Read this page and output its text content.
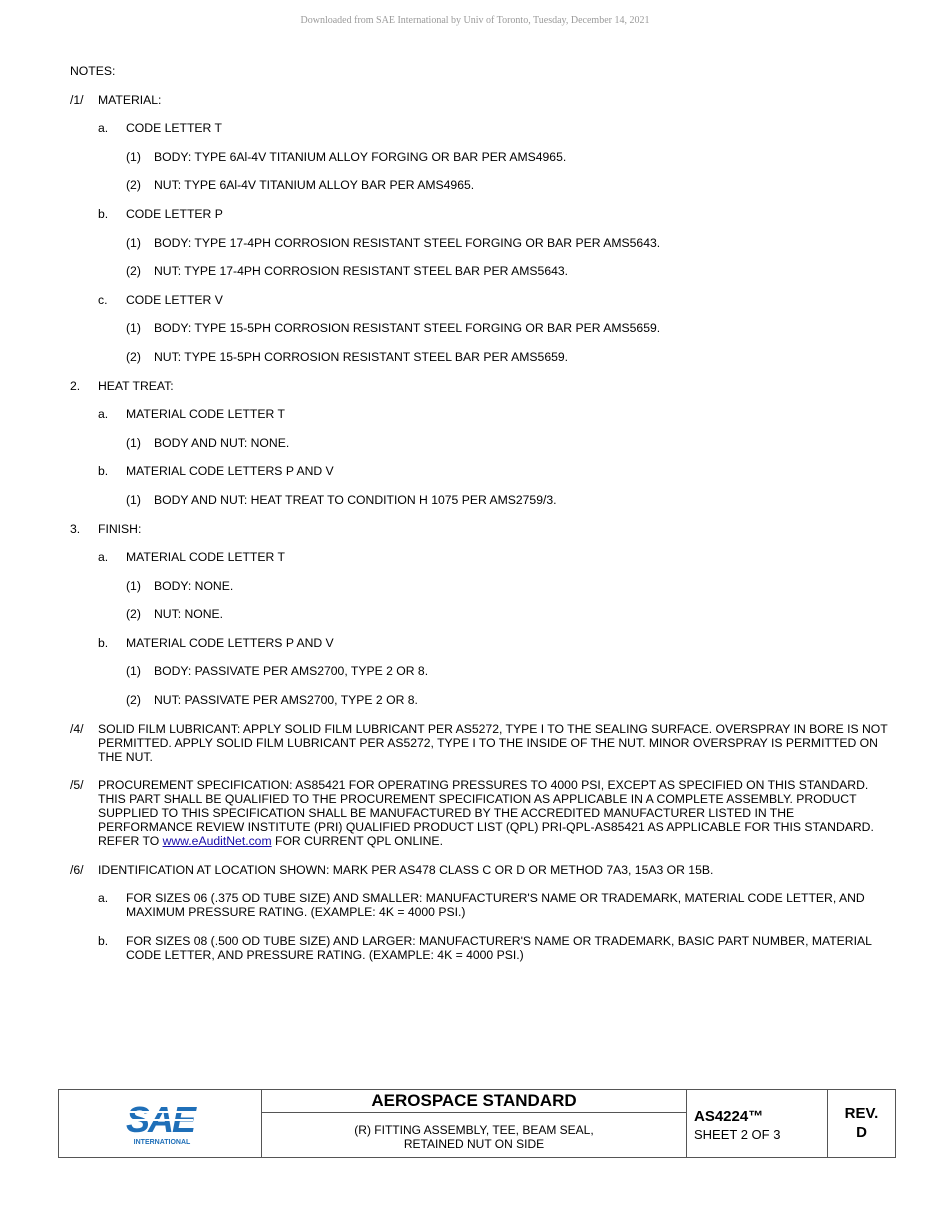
Downloaded from SAE International by Univ of Toronto, Tuesday, December 14, 2021

NOTES:

/1/ MATERIAL:

a. CODE LETTER T

(1) BODY: TYPE 6Al-4V TITANIUM ALLOY FORGING OR BAR PER AMS4965.

(2) NUT: TYPE 6Al-4V TITANIUM ALLOY BAR PER AMS4965.

b. CODE LETTER P

(1) BODY: TYPE 17-4PH CORROSION RESISTANT STEEL FORGING OR BAR PER AMS5643.

(2) NUT: TYPE 17-4PH CORROSION RESISTANT STEEL BAR PER AMS5643.

c. CODE LETTER V

(1) BODY: TYPE 15-5PH CORROSION RESISTANT STEEL FORGING OR BAR PER AMS5659.

(2) NUT: TYPE 15-5PH CORROSION RESISTANT STEEL BAR PER AMS5659.

2. HEAT TREAT:

a. MATERIAL CODE LETTER T

(1) BODY AND NUT: NONE.

b. MATERIAL CODE LETTERS P AND V

(1) BODY AND NUT: HEAT TREAT TO CONDITION H 1075 PER AMS2759/3.

3. FINISH:

a. MATERIAL CODE LETTER T

(1) BODY: NONE.

(2) NUT: NONE.

b. MATERIAL CODE LETTERS P AND V

(1) BODY: PASSIVATE PER AMS2700, TYPE 2 OR 8.

(2) NUT: PASSIVATE PER AMS2700, TYPE 2 OR 8.

/4/ SOLID FILM LUBRICANT: APPLY SOLID FILM LUBRICANT PER AS5272, TYPE I TO THE SEALING SURFACE. OVERSPRAY IN BORE IS NOT PERMITTED. APPLY SOLID FILM LUBRICANT PER AS5272, TYPE I TO THE INSIDE OF THE NUT. MINOR OVERSPRAY IS PERMITTED ON THE NUT.

/5/ PROCUREMENT SPECIFICATION: AS85421 FOR OPERATING PRESSURES TO 4000 PSI, EXCEPT AS SPECIFIED ON THIS STANDARD. THIS PART SHALL BE QUALIFIED TO THE PROCUREMENT SPECIFICATION AS APPLICABLE IN A COMPLETE ASSEMBLY. PRODUCT SUPPLIED TO THIS SPECIFICATION SHALL BE MANUFACTURED BY THE ACCREDITED MANUFACTURER LISTED IN THE PERFORMANCE REVIEW INSTITUTE (PRI) QUALIFIED PRODUCT LIST (QPL) PRI-QPL-AS85421 AS APPLICABLE FOR THIS STANDARD. REFER TO www.eAuditNet.com FOR CURRENT QPL ONLINE.

/6/ IDENTIFICATION AT LOCATION SHOWN: MARK PER AS478 CLASS C OR D OR METHOD 7A3, 15A3 OR 15B.

a. FOR SIZES 06 (.375 OD TUBE SIZE) AND SMALLER: MANUFACTURER'S NAME OR TRADEMARK, MATERIAL CODE LETTER, AND MAXIMUM PRESSURE RATING. (EXAMPLE: 4K = 4000 PSI.)

b. FOR SIZES 08 (.500 OD TUBE SIZE) AND LARGER: MANUFACTURER'S NAME OR TRADEMARK, BASIC PART NUMBER, MATERIAL CODE LETTER, AND PRESSURE RATING. (EXAMPLE: 4K = 4000 PSI.)

SAE
INTERNATIONAL
AEROSPACE STANDARD
(R) FITTING ASSEMBLY, TEE, BEAM SEAL,
RETAINED NUT ON SIDE
AS4224™
SHEET 2 OF 3
REV.
D
